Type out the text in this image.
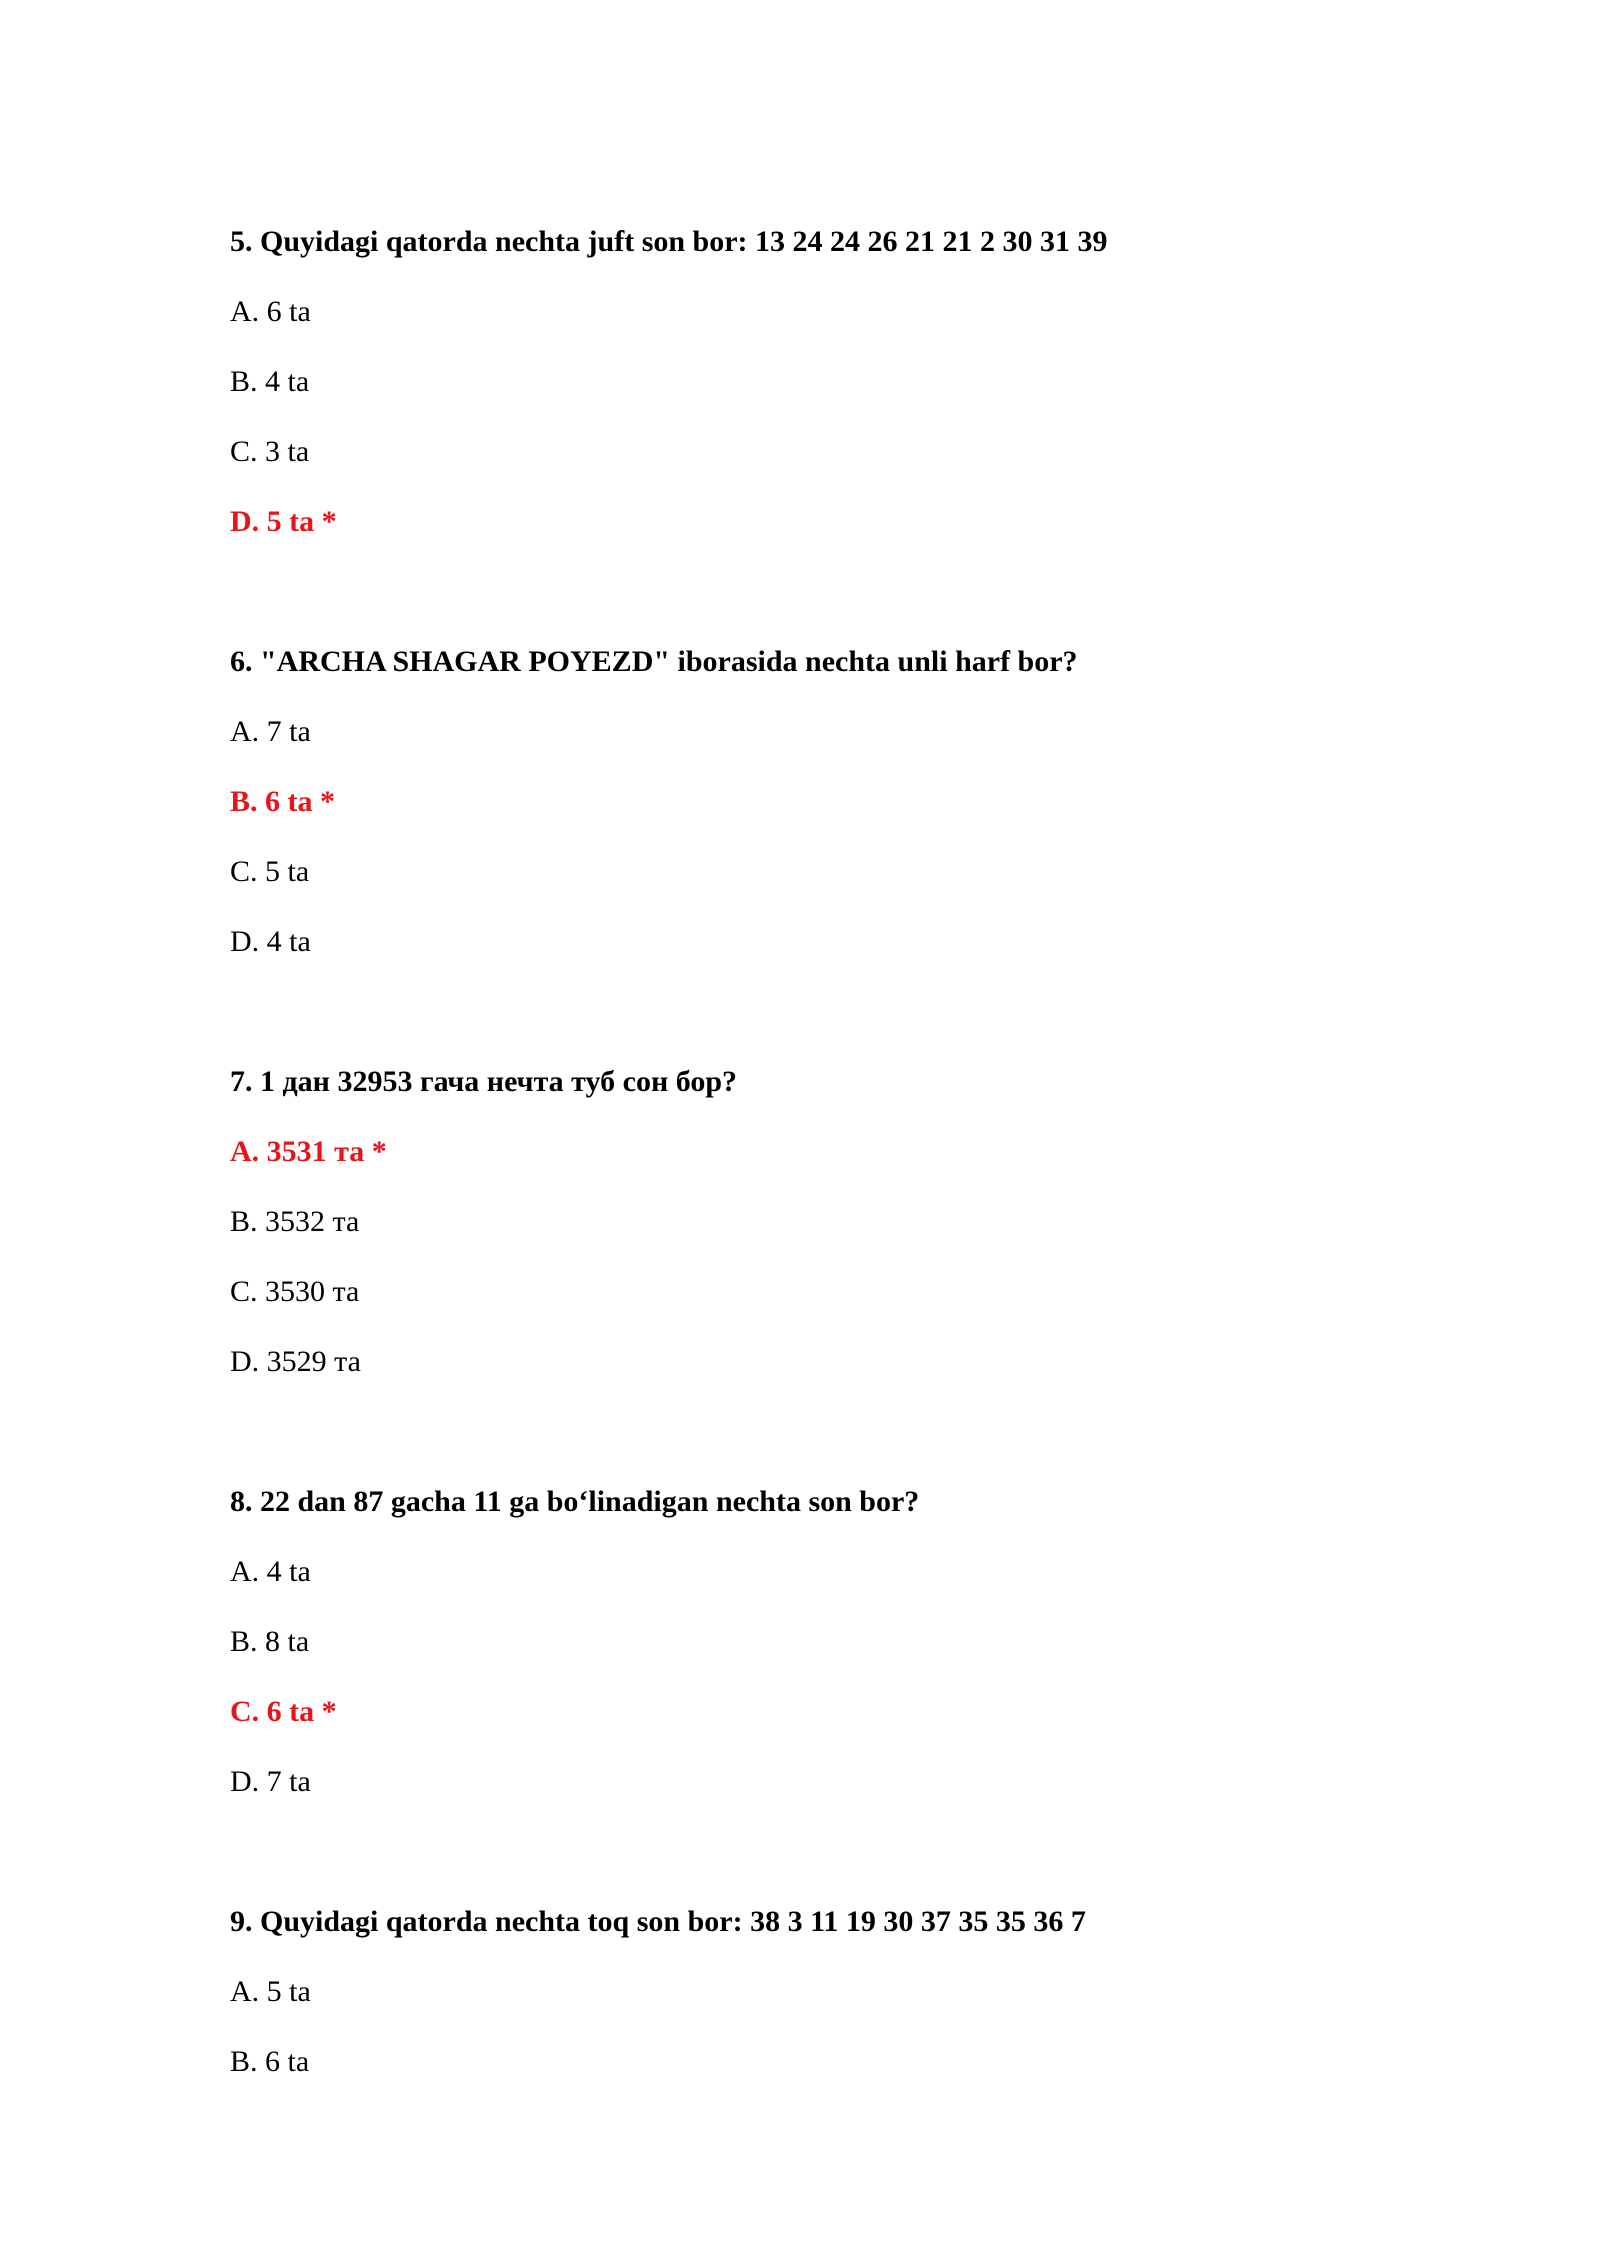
5. Quyidagi qatorda nechta juft son bor: 13 24 24 26 21 21 2 30 31 39

A. 6 ta
B. 4 ta
C. 3 ta
D. 5 ta *

6. "ARCHA SHAGAR POYEZD" iborasida nechta unli harf bor?

A. 7 ta
B. 6 ta *
C. 5 ta
D. 4 ta

7. 1 дан 32953 гача нечта туб сон бор?

A. 3531 та *
B. 3532 та
C. 3530 та
D. 3529 та

8. 22 dan 87 gacha 11 ga bo‘linadigan nechta son bor?

A. 4 ta
B. 8 ta
C. 6 ta *
D. 7 ta

9. Quyidagi qatorda nechta toq son bor: 38 3 11 19 30 37 35 35 36 7

A. 5 ta
B. 6 ta
